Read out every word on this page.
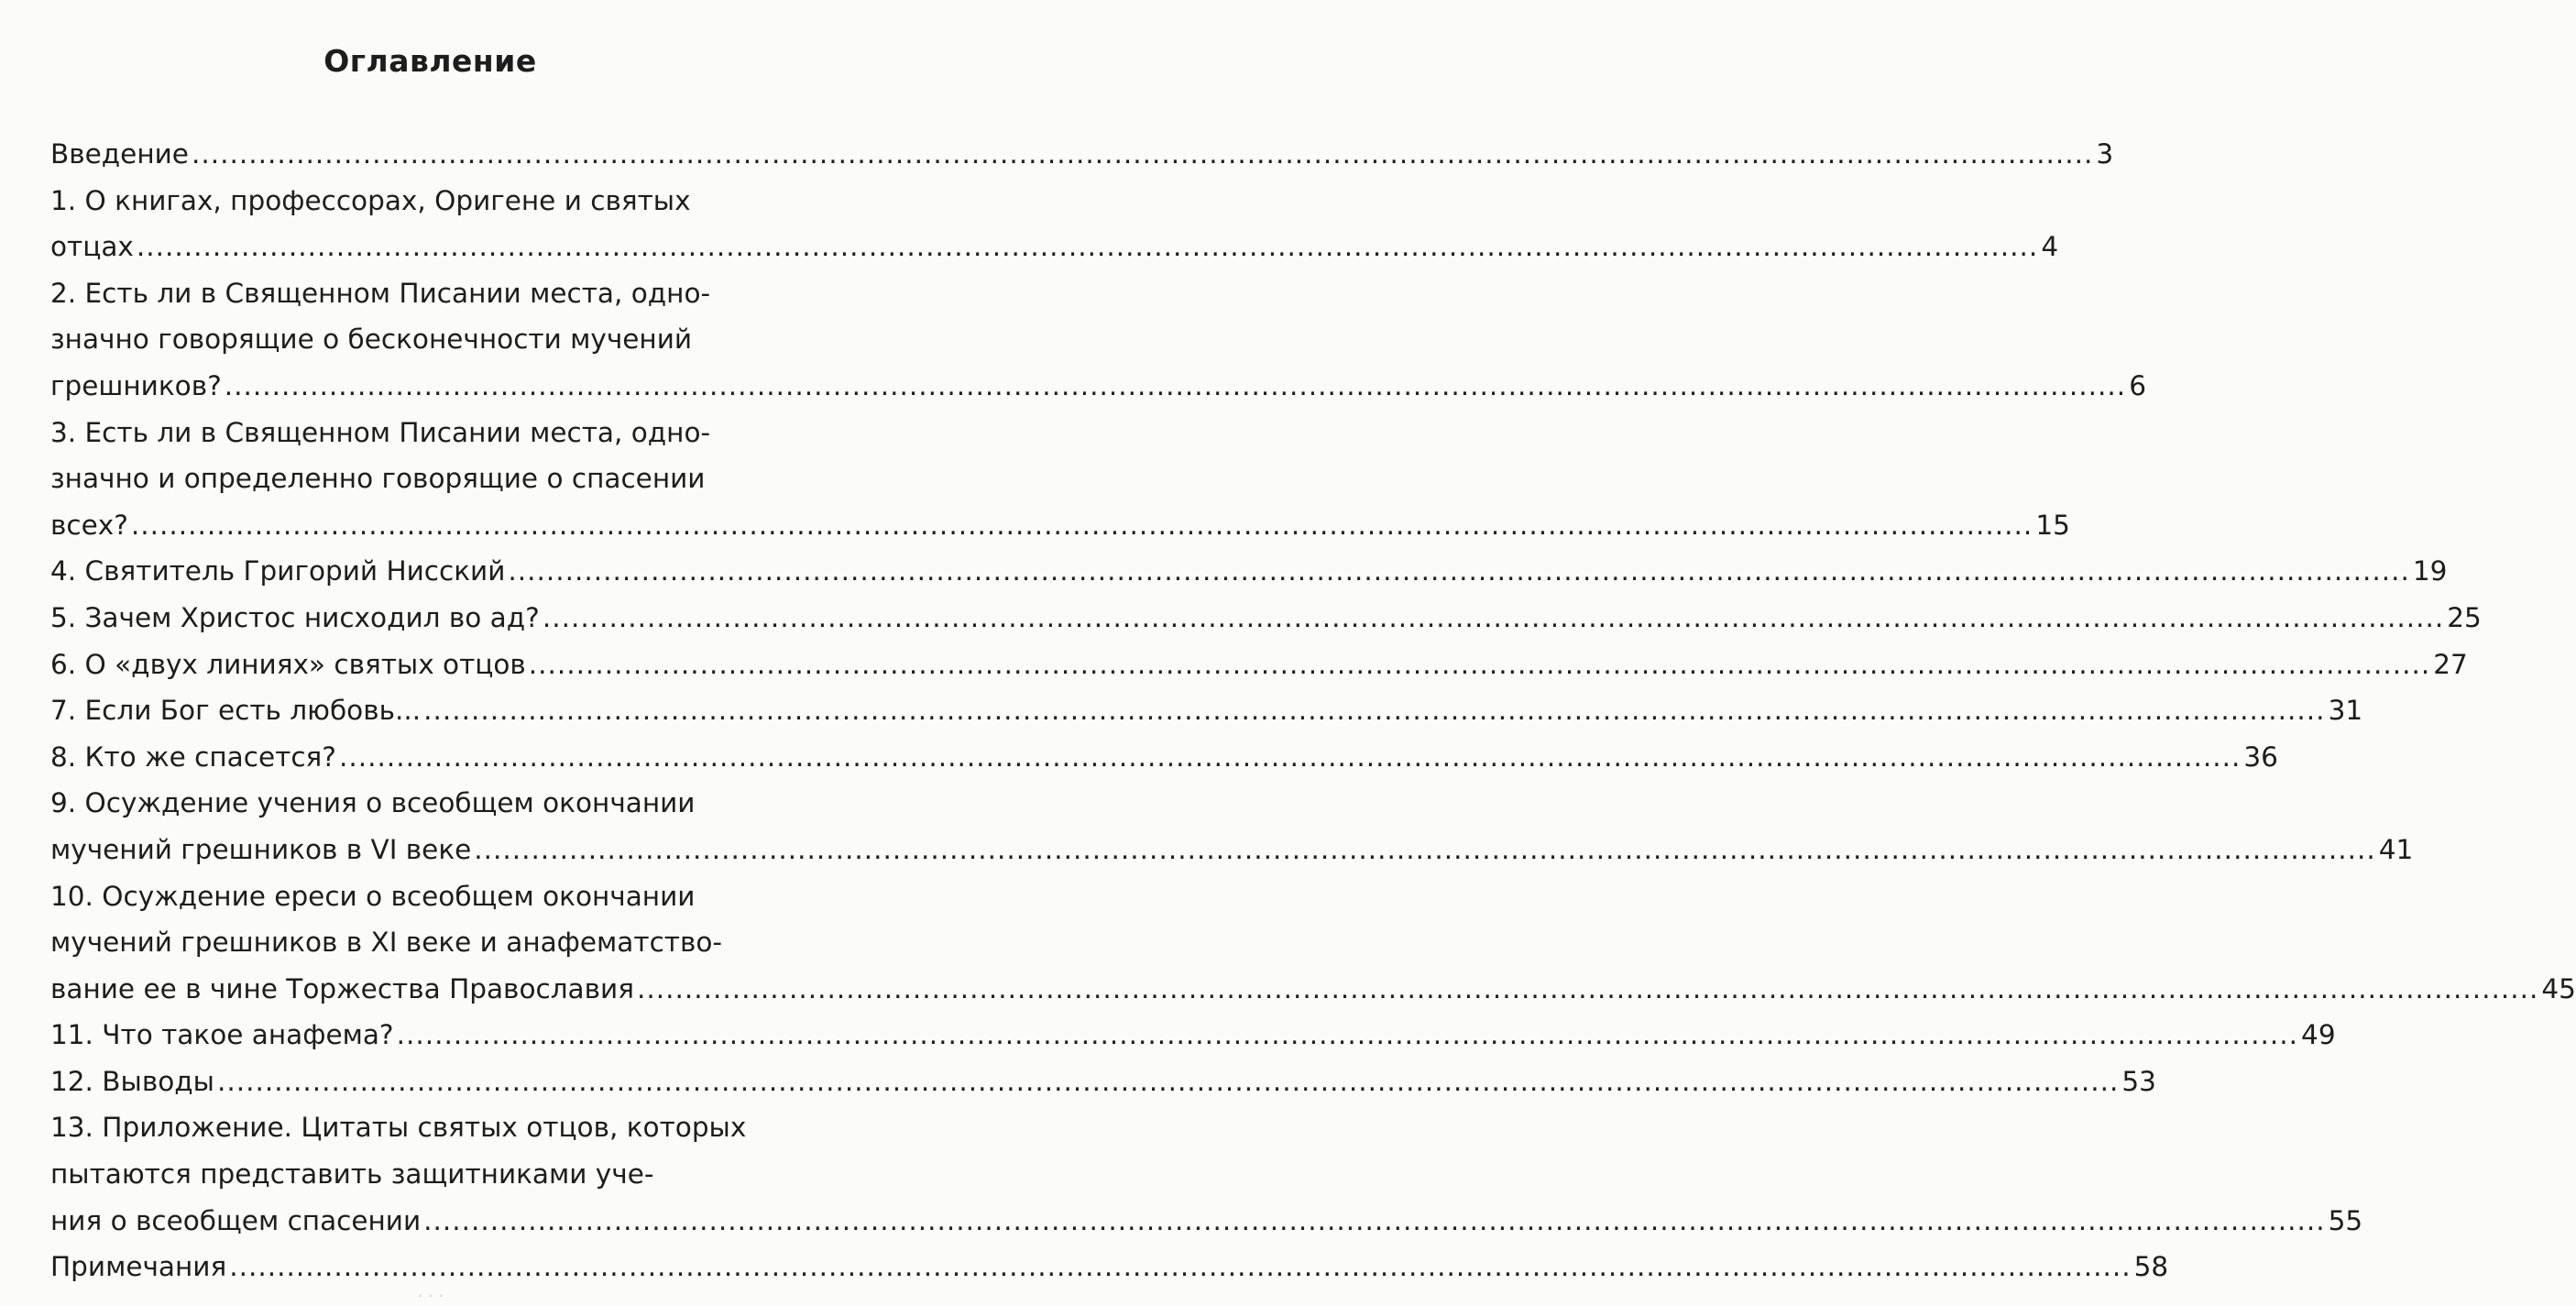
Оглавление
Введение ........................................................................................................................................................................................................ 3
1. О книгах, профессорах, Оригене и святых
отцах ........................................................................................................................................................................................................ 4
2. Есть ли в Священном Писании места, одно-
значно говорящие о бесконечности мучений
грешников? ........................................................................................................................................................................................................ 6
3. Есть ли в Священном Писании места, одно-
значно и определенно говорящие о спасении
всех? ........................................................................................................................................................................................................ 15
4. Святитель Григорий Нисский ........................................................................................................................................................................................................ 19
5. Зачем Христос нисходил во ад? ........................................................................................................................................................................................................ 25
6. О «двух линиях» святых отцов ........................................................................................................................................................................................................ 27
7. Если Бог есть любовь... ........................................................................................................................................................................................................ 31
8. Кто же спасется? ........................................................................................................................................................................................................ 36
9. Осуждение учения о всеобщем окончании
мучений грешников в VI веке ........................................................................................................................................................................................................ 41
10. Осуждение ереси о всеобщем окончании
мучений грешников в XI веке и анафематство-
вание ее в чине Торжества Православия ........................................................................................................................................................................................................ 45
11. Что такое анафема? ........................................................................................................................................................................................................ 49
12. Выводы ........................................................................................................................................................................................................ 53
13. Приложение. Цитаты святых отцов, которых
пытаются представить защитниками уче-
ния о всеобщем спасении ........................................................................................................................................................................................................ 55
Примечания ........................................................................................................................................................................................................ 58
· · ·
